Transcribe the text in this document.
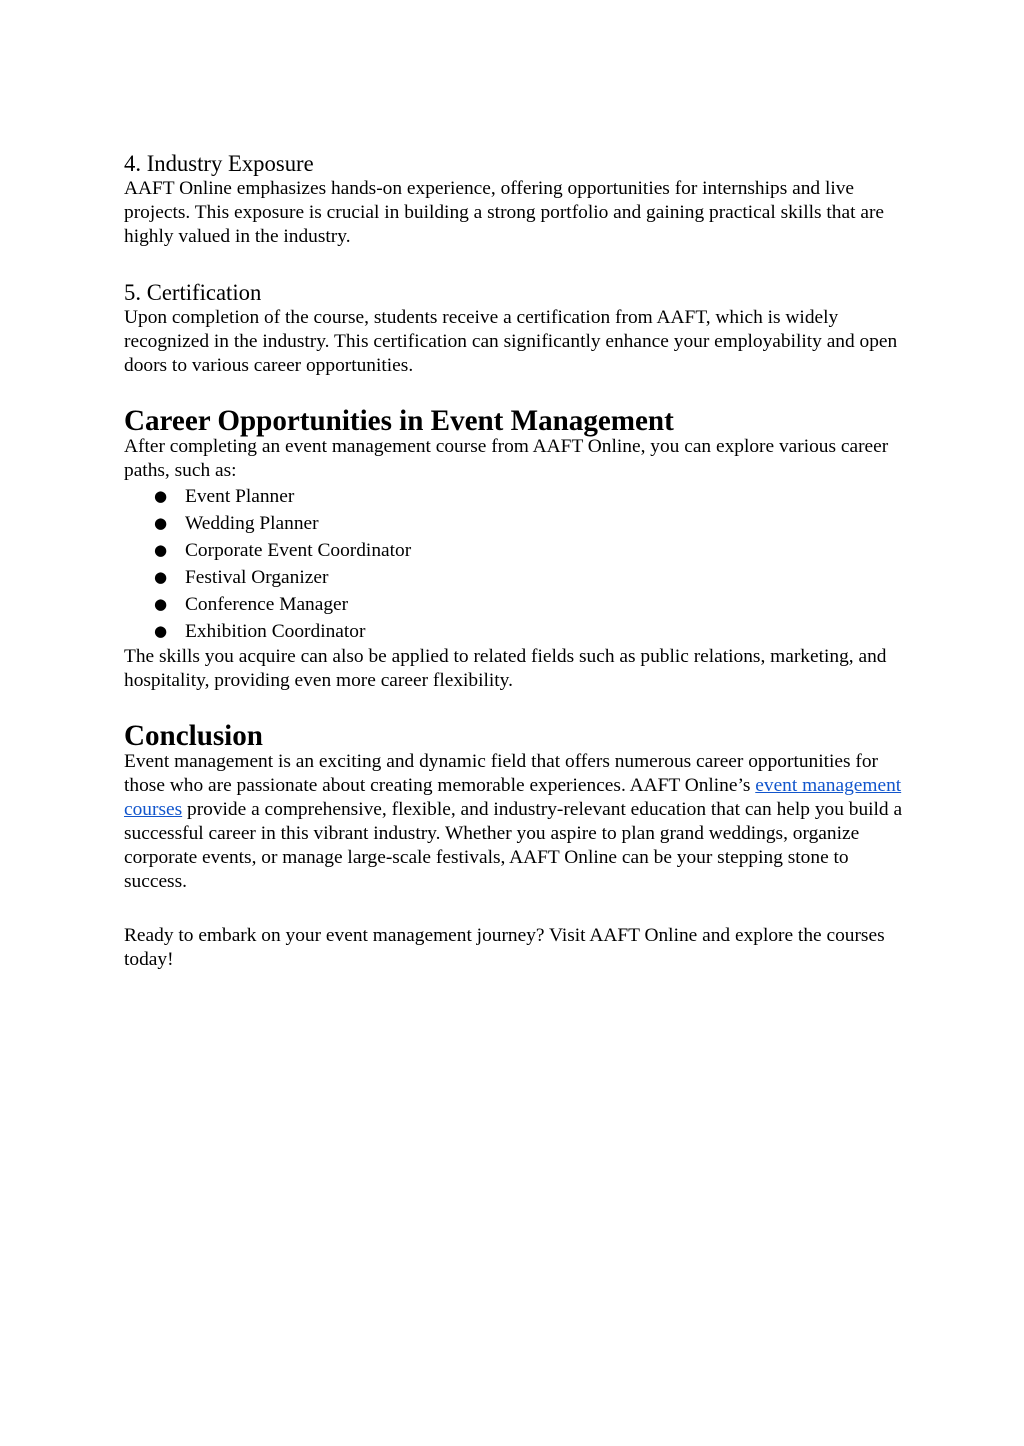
4. Industry Exposure

AAFT Online emphasizes hands-on experience, offering opportunities for internships and live projects. This exposure is crucial in building a strong portfolio and gaining practical skills that are highly valued in the industry.

5. Certification

Upon completion of the course, students receive a certification from AAFT, which is widely recognized in the industry. This certification can significantly enhance your employability and open doors to various career opportunities.

Career Opportunities in Event Management

After completing an event management course from AAFT Online, you can explore various career paths, such as:

● Event Planner
● Wedding Planner
● Corporate Event Coordinator
● Festival Organizer
● Conference Manager
● Exhibition Coordinator

The skills you acquire can also be applied to related fields such as public relations, marketing, and hospitality, providing even more career flexibility.

Conclusion

Event management is an exciting and dynamic field that offers numerous career opportunities for those who are passionate about creating memorable experiences. AAFT Online’s event management courses provide a comprehensive, flexible, and industry-relevant education that can help you build a successful career in this vibrant industry. Whether you aspire to plan grand weddings, organize corporate events, or manage large-scale festivals, AAFT Online can be your stepping stone to success.

Ready to embark on your event management journey? Visit AAFT Online and explore the courses today!
